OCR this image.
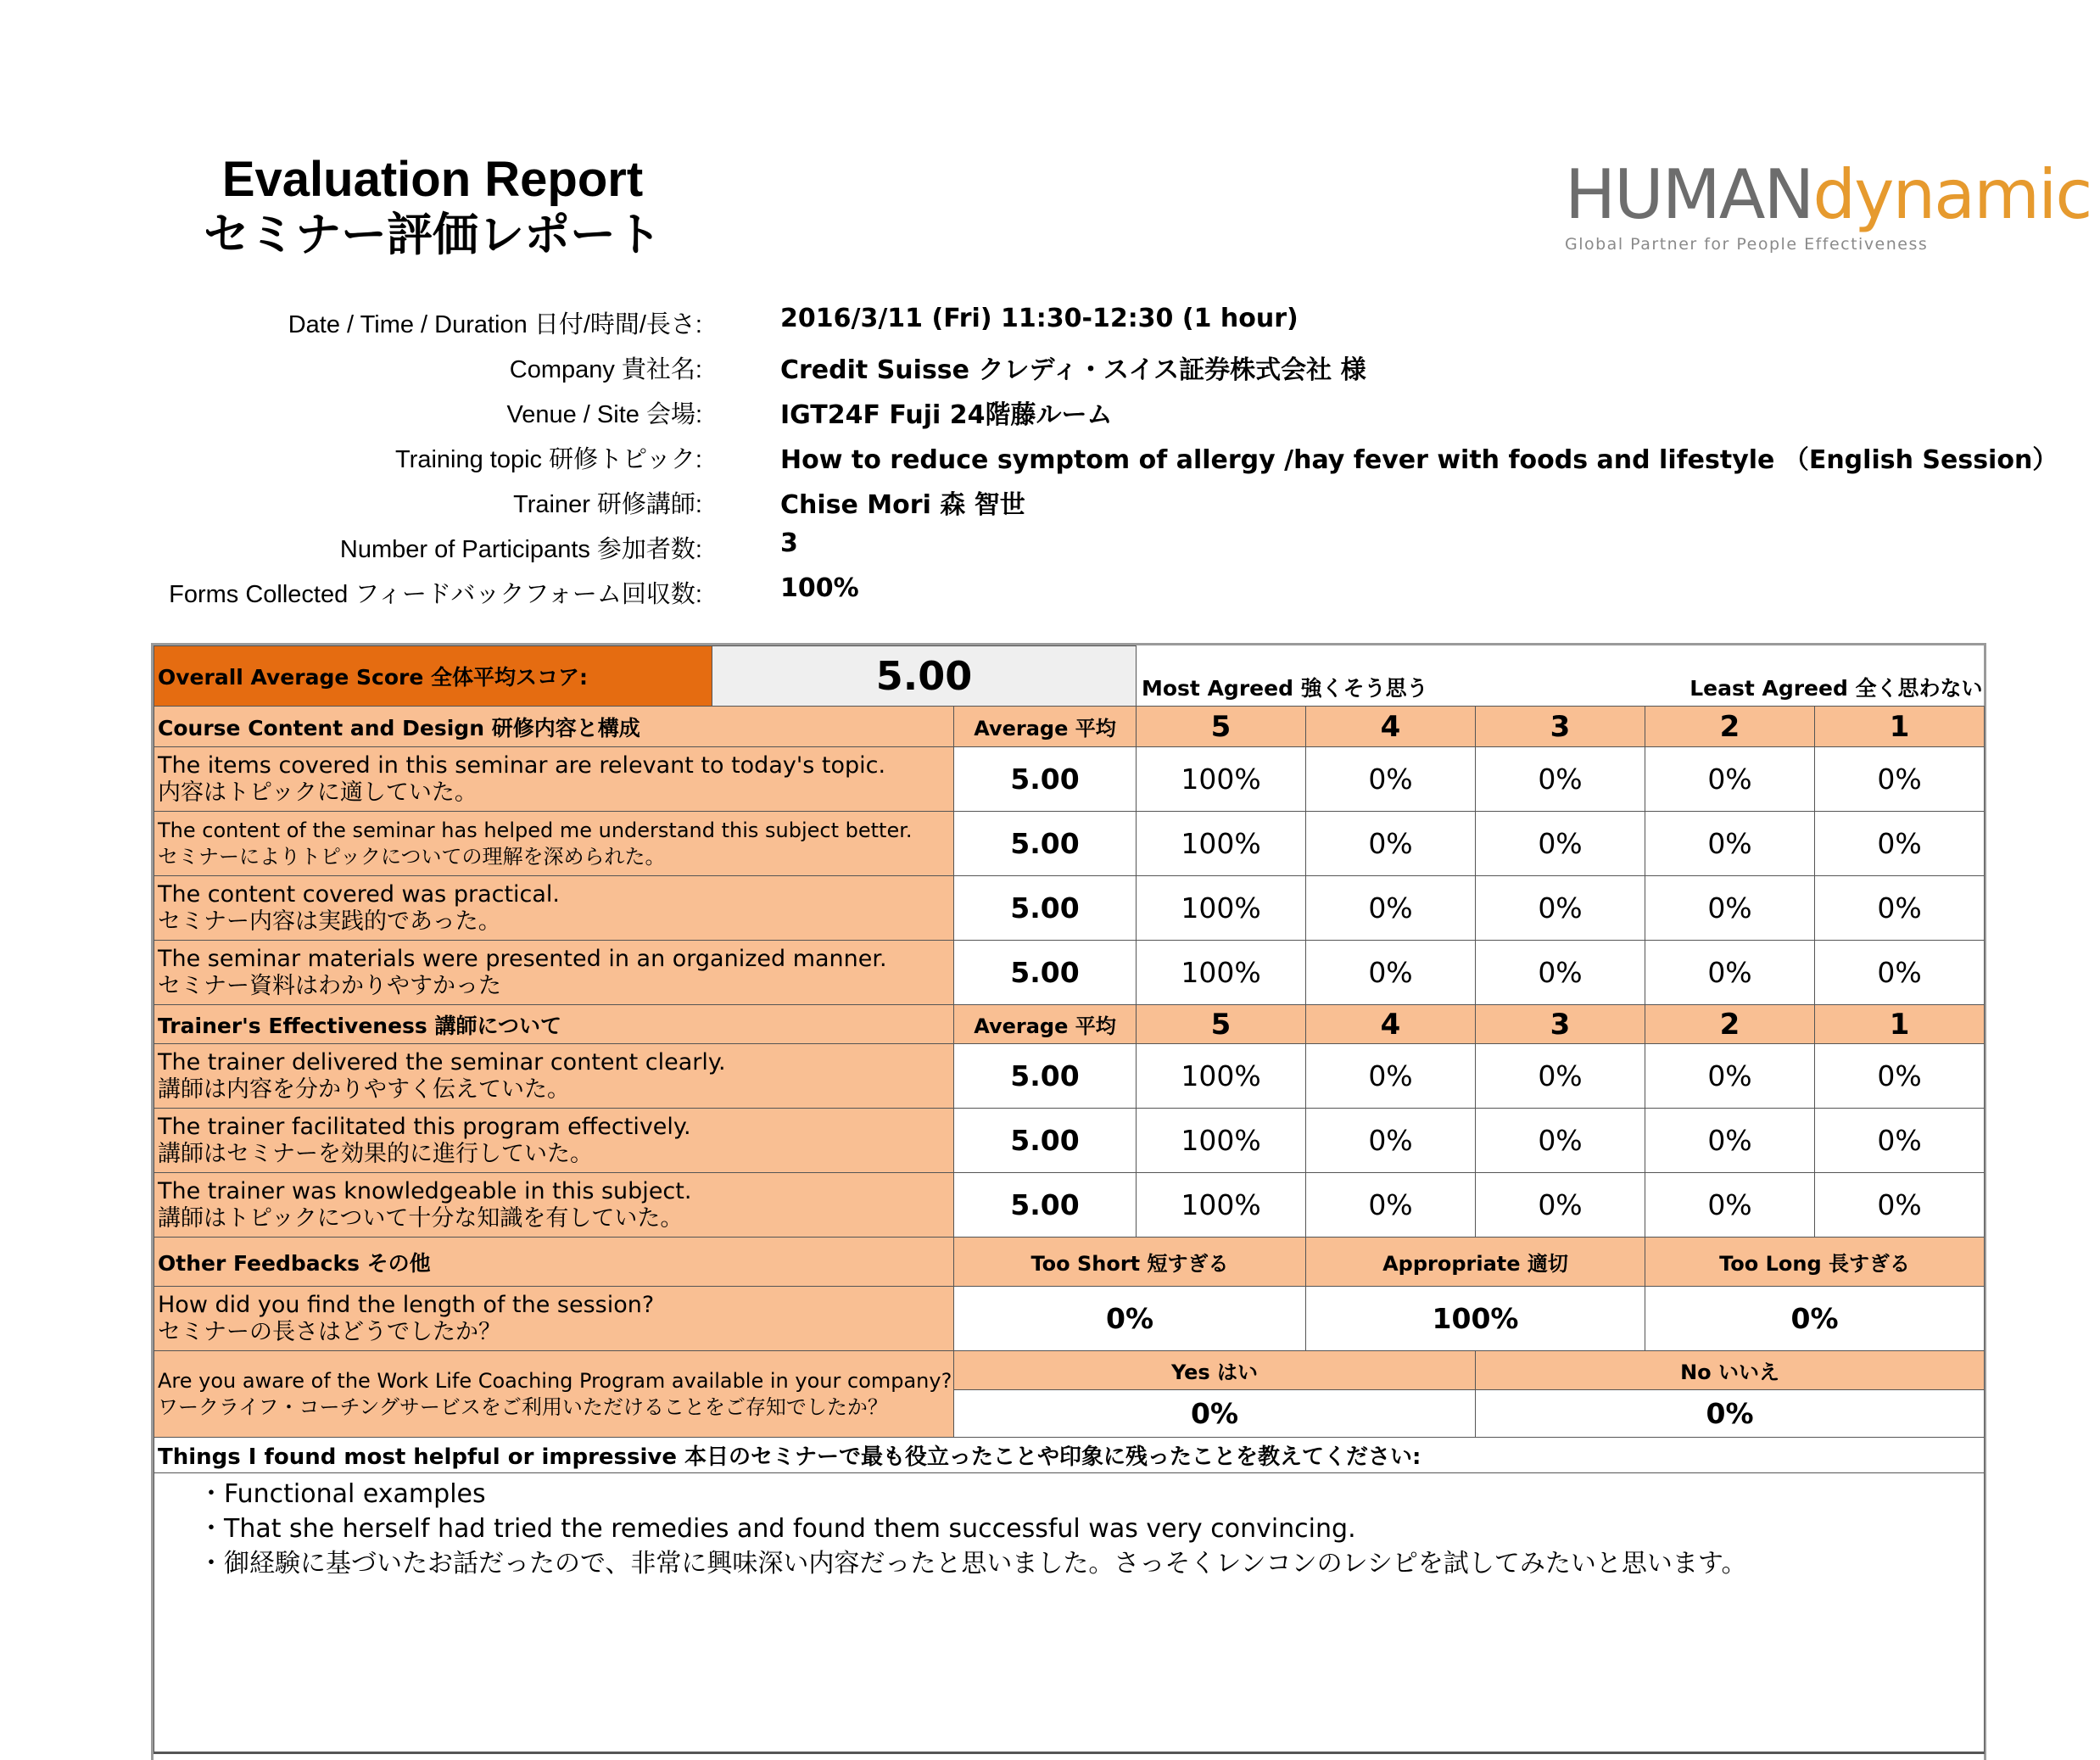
Evaluation Report
セミナー評価レポート
HUMANdynamic
Global Partner for People Effectiveness
Date / Time / Duration 日付/時間/長さ:	2016/3/11 (Fri) 11:30-12:30 (1 hour)
Company 貴社名:	Credit Suisse クレディ・スイス証券株式会社 様
Venue / Site 会場:	IGT24F Fuji 24階藤ルーム
Training topic 研修トピック:	How to reduce symptom of allergy /hay fever with foods and lifestyle （English Session）
Trainer 研修講師:	Chise Mori 森 智世
Number of Participants 参加者数:	3
Forms Collected フィードバックフォーム回収数:	100%
Overall Average Score 全体平均スコア:	5.00		Most Agreed 強くそう思う Least Agreed 全く思わない				

Course Content and Design 研修内容と構成		Average 平均	5	4	3	2	1

The items covered in this seminar are relevant to today's topic.
内容はトピックに適していた。		5.00	100%	0%	0%	0%	0%

The content of the seminar has helped me understand this subject better.
セミナーによりトピックについての理解を深められた。		5.00	100%	0%	0%	0%	0%

The content covered was practical.
セミナー内容は実践的であった。		5.00	100%	0%	0%	0%	0%

The seminar materials were presented in an organized manner.
セミナー資料はわかりやすかった		5.00	100%	0%	0%	0%	0%
Trainer's Effectiveness 講師について		Average 平均	5	4	3	2	1

The trainer delivered the seminar content clearly.
講師は内容を分かりやすく伝えていた。		5.00	100%	0%	0%	0%	0%

The trainer facilitated this program effectively.
講師はセミナーを効果的に進行していた。		5.00	100%	0%	0%	0%	0%

The trainer was knowledgeable in this subject.
講師はトピックについて十分な知識を有していた。		5.00	100%	0%	0%	0%	0%
Other Feedbacks その他		Too Short 短すぎる		Appropriate 適切		Too Long 長すぎる	

How did you find the length of the session?
セミナーの長さはどうでしたか？		0%		100%		0%	

Are you aware of the Work Life Coaching Program available in your company?
ワークライフ・コーチングサービスをご利用いただけることをご存知でしたか？		Yes はい			No いいえ		
		0%			0%		
Things I found most helpful or impressive 本日のセミナーで最も役立ったことや印象に残ったことを教えてください:							

・Functional examples
・That she herself had tried the remedies and found them successful was very convincing.
・御経験に基づいたお話だったので、非常に興味深い内容だったと思いました。さっそくレンコンのレシピを試してみたいと思います。							
